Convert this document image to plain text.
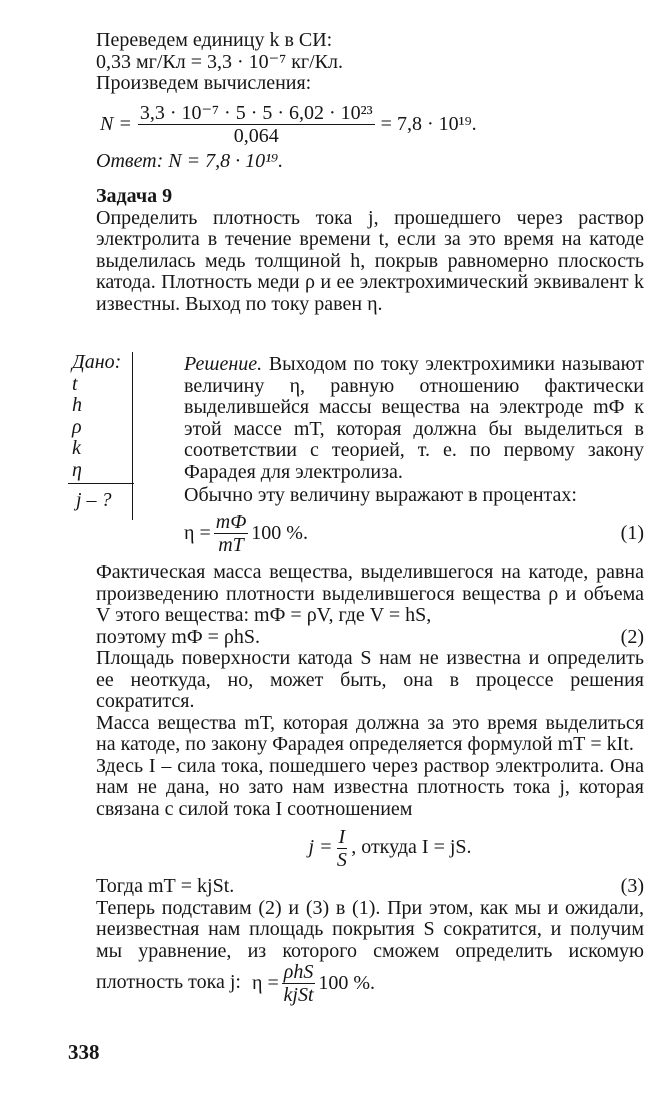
Переведем единицу k в СИ:

0,33 мг/Кл = 3,3 · 10⁻⁷ кг/Кл.

Произведем вычисления:

$N = \frac{\text{3,3 · 10⁻⁷ · 5 · 5 · 6,02 · 10²³}}{0,064} = 7,8 \cdot 10^{19}$.

Ответ: N = 7,8 · 10¹⁹.

Задача 9

Определить плотность тока j, прошедшего через раствор электролита в течение времени t, если за это время на катоде выделилась медь толщиной h, покрыв равномерно плоскость катода. Плотность меди ρ и ее электрохимический эквивалент k известны. Выход по току равен η.

Дано:
t
h
ρ
k
η
j – ?

Решение. Выходом по току электрохимики называют величину η, равную отношению фактически выделившейся массы вещества на электроде mФ к этой массе mТ, которая должна бы выделиться в соответствии с теорией, т. е. по первому закону Фарадея для электролиза.

Обычно эту величину выражают в процентах:

$\eta = \frac{mФ}{mТ} 100$ %.	(1)

Фактическая масса вещества, выделившегося на катоде, равна произведению плотности выделившегося вещества ρ и объема V этого вещества: mФ = ρV, где V = hS,

поэтому mФ = ρhS.	(2)

Площадь поверхности катода S нам не известна и определить ее неоткуда, но, может быть, она в процессе решения сократится.

Масса вещества mТ, которая должна за это время выделиться на катоде, по закону Фарадея определяется формулой mТ = kIt.

Здесь I – сила тока, пошедшего через раствор электролита. Она нам не дана, но зато нам известна плотность тока j, которая связана с силой тока I соотношением

$j = \frac{I}{S}$ , откуда I = jS.
Тогда mТ = kjSt.	(3)

Теперь подставим (2) и (3) в (1). При этом, как мы и ожидали, неизвестная нам площадь покрытия S сократится, и получим мы уравнение, из которого сможем определить искомую плотность тока j: $\eta = \frac{\text{ρhS}}{\text{kjSt}} 100$ %.

338
